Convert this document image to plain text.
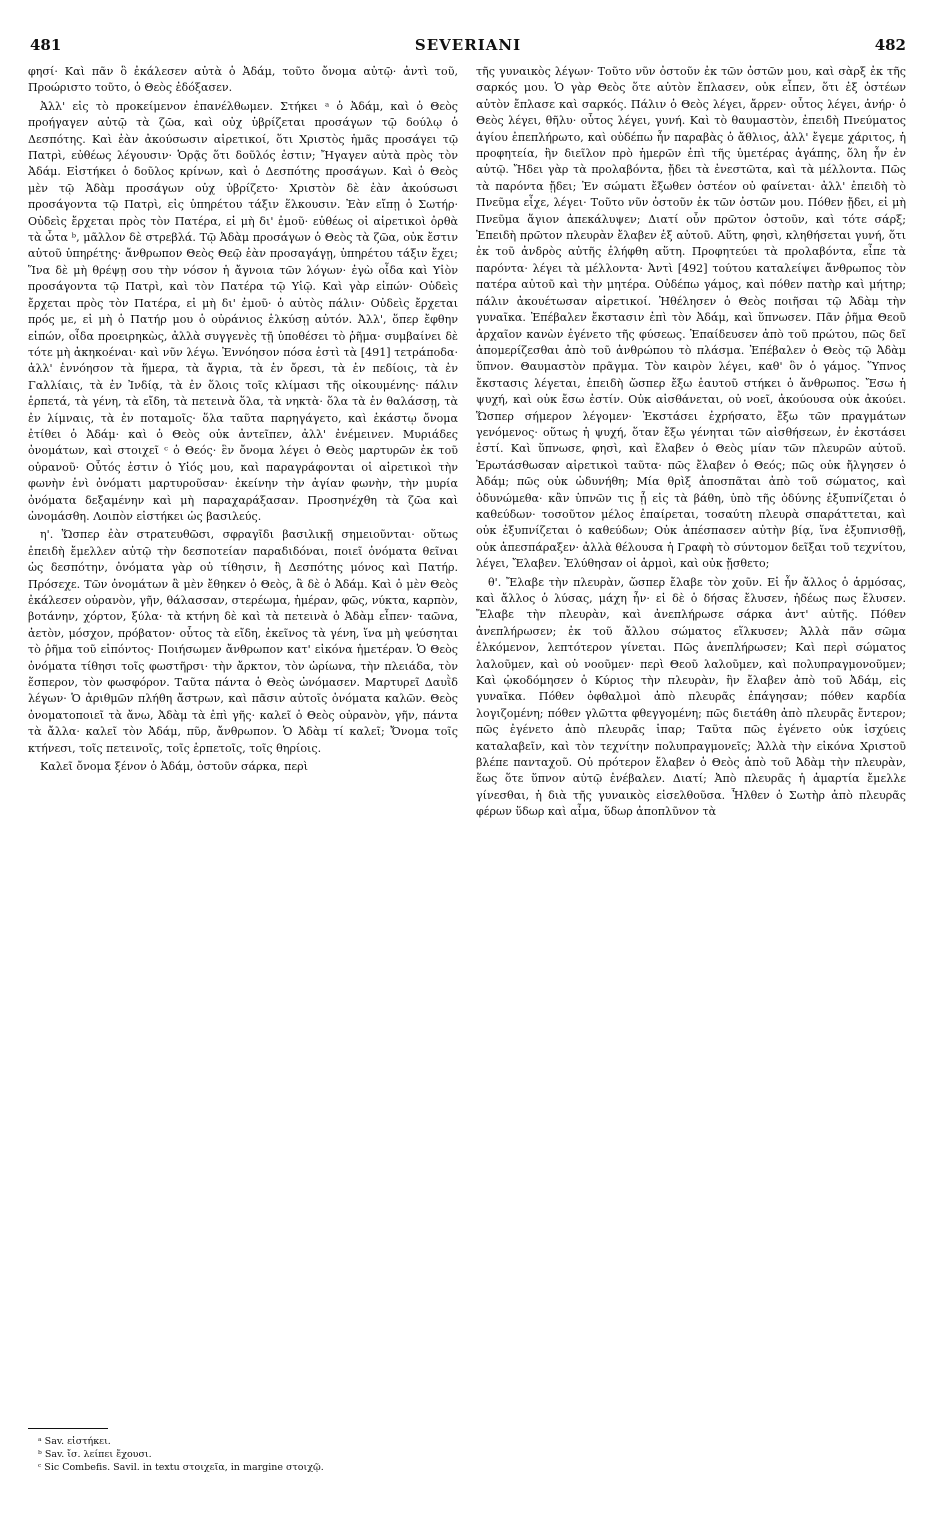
481	SEVERIANI	482

φησί· Καὶ πᾶν ὃ ἐκάλεσεν αὐτὰ ὁ Ἀδάμ, τοῦτο ὄνομα αὐτῷ· ἀντὶ τοῦ, Προώριστο τοῦτο, ὁ Θεὸς ἐδόξασεν.

Ἀλλ' εἰς τὸ προκείμενον ἐπανέλθωμεν. Στήκει ᵃ ὁ Ἀδάμ, καὶ ὁ Θεὸς προήγαγεν αὐτῷ τὰ ζῶα, καὶ οὐχ ὑβρίζεται προσάγων τῷ δούλῳ ὁ Δεσπότης. Καὶ ἐὰν ἀκούσωσιν αἱρετικοί, ὅτι Χριστὸς ἡμᾶς προσάγει τῷ Πατρὶ, εὐθέως λέγουσιν· Ὁρᾷς ὅτι δοῦλός ἐστιν; Ἤγαγεν αὐτὰ πρὸς τὸν Ἀδάμ. Εἰστήκει ὁ δοῦλος κρίνων, καὶ ὁ Δεσπότης προσάγων. Καὶ ὁ Θεὸς μὲν τῷ Ἀδὰμ προσάγων οὐχ ὑβρίζετο· Χριστὸν δὲ ἐὰν ἀκούσωσι προσάγοντα τῷ Πατρὶ, εἰς ὑπηρέτου τάξιν ἕλκουσιν. Ἐὰν εἴπῃ ὁ Σωτήρ· Οὐδεὶς ἔρχεται πρὸς τὸν Πατέρα, εἰ μὴ δι' ἐμοῦ· εὐθέως οἱ αἱρετικοὶ ὀρθὰ τὰ ὦτα ᵇ, μᾶλλον δὲ στρεβλά. Τῷ Ἀδὰμ προσάγων ὁ Θεὸς τὰ ζῶα, οὐκ ἔστιν αὐτοῦ ὑπηρέτης· ἄνθρωπον Θεὸς Θεῷ ἐὰν προσαγάγῃ, ὑπηρέτου τάξιν ἔχει; Ἵνα δὲ μὴ θρέψῃ σου τὴν νόσον ἡ ἄγνοια τῶν λόγων· ἐγὼ οἶδα καὶ Υἱὸν προσάγοντα τῷ Πατρὶ, καὶ τὸν Πατέρα τῷ Υἱῷ. Καὶ γὰρ εἰπών· Οὐδεὶς ἔρχεται πρὸς τὸν Πατέρα, εἰ μὴ δι' ἐμοῦ· ὁ αὐτὸς πάλιν· Οὐδεὶς ἔρχεται πρός με, εἰ μὴ ὁ Πατήρ μου ὁ οὐράνιος ἑλκύσῃ αὐτόν. Ἀλλ', ὅπερ ἔφθην εἰπών, οἶδα προειρηκὼς, ἀλλὰ συγγενὲς τῇ ὑποθέσει τὸ ῥῆμα· συμβαίνει δὲ τότε μὴ ἀκηκοέναι· καὶ νῦν λέγω. Ἐννόησον πόσα ἐστὶ τὰ [491] τετράποδα· ἀλλ' ἐννόησον τὰ ἥμερα, τὰ ἄγρια, τὰ ἐν ὄρεσι, τὰ ἐν πεδίοις, τὰ ἐν Γαλλίαις, τὰ ἐν Ἰνδίᾳ, τὰ ἐν ὅλοις τοῖς κλίμασι τῆς οἰκουμένης· πάλιν ἑρπετά, τὰ γένη, τὰ εἴδη, τὰ πετεινὰ ὅλα, τὰ νηκτὰ· ὅλα τὰ ἐν θαλάσσῃ, τὰ ἐν λίμναις, τὰ ἐν ποταμοῖς· ὅλα ταῦτα παρηγάγετο, καὶ ἑκάστῳ ὄνομα ἐτίθει ὁ Ἀδάμ· καὶ ὁ Θεὸς οὐκ ἀντεῖπεν, ἀλλ' ἐνέμεινεν. Μυριάδες ὀνομάτων, καὶ στοιχεῖ ᶜ ὁ Θεός· ἓν ὄνομα λέγει ὁ Θεὸς μαρτυρῶν ἐκ τοῦ οὐρανοῦ· Οὗτός ἐστιν ὁ Υἱός μου, καὶ παραγράφονται οἱ αἱρετικοὶ τὴν φωνὴν ἑνὶ ὀνόματι μαρτυροῦσαν· ἐκείνην τὴν ἁγίαν φωνὴν, τὴν μυρία ὀνόματα δεξαμένην καὶ μὴ παραχαράξασαν. Προσηνέχθη τὰ ζῶα καὶ ὠνομάσθη. Λοιπὸν εἰστήκει ὡς βασιλεύς.

η'. Ὥσπερ ἐὰν στρατευθῶσι, σφραγῖδι βασιλικῇ σημειοῦνται· οὕτως ἐπειδὴ ἔμελλεν αὐτῷ τὴν δεσποτείαν παραδιδόναι, ποιεῖ ὀνόματα θεῖναι ὡς δεσπότην, ὀνόματα γὰρ οὐ τίθησιν, ἢ Δεσπότης μόνος καὶ Πατήρ. Πρόσεχε. Τῶν ὀνομάτων ἃ μὲν ἔθηκεν ὁ Θεὸς, ἃ δὲ ὁ Ἀδάμ. Καὶ ὁ μὲν Θεὸς ἐκάλεσεν οὐρανὸν, γῆν, θάλασσαν, στερέωμα, ἡμέραν, φῶς, νύκτα, καρπὸν, βοτάνην, χόρτον, ξύλα· τὰ κτήνη δὲ καὶ τὰ πετεινὰ ὁ Ἀδὰμ εἶπεν· ταῶνα, ἀετὸν, μόσχον, πρόβατον· οὗτος τὰ εἴδη, ἐκεῖνος τὰ γένη, ἵνα μὴ ψεύσηται τὸ ῥῆμα τοῦ εἰπόντος· Ποιήσωμεν ἄνθρωπον κατ' εἰκόνα ἡμετέραν. Ὁ Θεὸς ὀνόματα τίθησι τοῖς φωστῆρσι· τὴν ἄρκτον, τὸν ὠρίωνα, τὴν πλειάδα, τὸν ἕσπερον, τὸν φωσφόρον. Ταῦτα πάντα ὁ Θεὸς ὠνόμασεν. Μαρτυρεῖ Δαυῒδ λέγων· Ὁ ἀριθμῶν πλήθη ἄστρων, καὶ πᾶσιν αὐτοῖς ὀνόματα καλῶν. Θεὸς ὀνοματοποιεῖ τὰ ἄνω, Ἀδὰμ τὰ ἐπὶ γῆς· καλεῖ ὁ Θεὸς οὐρανὸν, γῆν, πάντα τὰ ἄλλα· καλεῖ τὸν Ἀδάμ, πῦρ, ἄνθρωπον. Ὁ Ἀδὰμ τί καλεῖ; Ὄνομα τοῖς κτήνεσι, τοῖς πετεινοῖς, τοῖς ἑρπετοῖς, τοῖς θηρίοις.

Καλεῖ ὄνομα ξένον ὁ Ἀδάμ, ὀστοῦν σάρκα, περὶ

τῆς γυναικὸς λέγων· Τοῦτο νῦν ὀστοῦν ἐκ τῶν ὀστῶν μου, καὶ σὰρξ ἐκ τῆς σαρκός μου. Ὁ γὰρ Θεὸς ὅτε αὐτὸν ἔπλασεν, οὐκ εἶπεν, ὅτι ἐξ ὀστέων αὐτὸν ἔπλασε καὶ σαρκός. Πάλιν ὁ Θεὸς λέγει, ἄρρεν· οὗτος λέγει, ἀνήρ· ὁ Θεὸς λέγει, θῆλυ· οὗτος λέγει, γυνή. Καὶ τὸ θαυμαστὸν, ἐπειδὴ Πνεύματος ἁγίου ἐπεπλήρωτο, καὶ οὐδέπω ἦν παραβὰς ὁ ἄθλιος, ἀλλ' ἔγεμε χάριτος, ἡ προφητεία, ἣν διεῖλον πρὸ ἡμερῶν ἐπὶ τῆς ὑμετέρας ἀγάπης, ὅλη ἦν ἐν αὐτῷ. Ἤδει γὰρ τὰ προλαβόντα, ᾔδει τὰ ἐνεστῶτα, καὶ τὰ μέλλοντα. Πῶς τὰ παρόντα ᾔδει; Ἐν σώματι ἔξωθεν ὀστέον οὐ φαίνεται· ἀλλ' ἐπειδὴ τὸ Πνεῦμα εἶχε, λέγει· Τοῦτο νῦν ὀστοῦν ἐκ τῶν ὀστῶν μου. Πόθεν ᾔδει, εἰ μὴ Πνεῦμα ἅγιον ἀπεκάλυψεν; Διατί οὖν πρῶτον ὀστοῦν, καὶ τότε σάρξ; Ἐπειδὴ πρῶτον πλευρὰν ἔλαβεν ἐξ αὐτοῦ. Αὕτη, φησὶ, κληθήσεται γυνή, ὅτι ἐκ τοῦ ἀνδρὸς αὐτῆς ἐλήφθη αὕτη. Προφητεύει τὰ προλαβόντα, εἶπε τὰ παρόντα· λέγει τὰ μέλλοντα· Ἀντὶ [492] τούτου καταλείψει ἄνθρωπος τὸν πατέρα αὐτοῦ καὶ τὴν μητέρα. Οὐδέπω γάμος, καὶ πόθεν πατὴρ καὶ μήτηρ; πάλιν ἀκουέτωσαν αἱρετικοί. Ἠθέλησεν ὁ Θεὸς ποιῆσαι τῷ Ἀδὰμ τὴν γυναῖκα. Ἐπέβαλεν ἔκστασιν ἐπὶ τὸν Ἀδάμ, καὶ ὕπνωσεν. Πᾶν ῥῆμα Θεοῦ ἀρχαῖον κανὼν ἐγένετο τῆς φύσεως. Ἐπαίδευσεν ἀπὸ τοῦ πρώτου, πῶς δεῖ ἀπομερίζεσθαι ἀπὸ τοῦ ἀνθρώπου τὸ πλάσμα. Ἐπέβαλεν ὁ Θεὸς τῷ Ἀδὰμ ὕπνον. Θαυμαστὸν πρᾶγμα. Τὸν καιρὸν λέγει, καθ' ὃν ὁ γάμος. Ὕπνος ἔκστασις λέγεται, ἐπειδὴ ὥσπερ ἔξω ἑαυτοῦ στήκει ὁ ἄνθρωπος. Ἔσω ἡ ψυχή, καὶ οὐκ ἔσω ἐστίν. Οὐκ αἰσθάνεται, οὐ νοεῖ, ἀκούουσα οὐκ ἀκούει. Ὥσπερ σήμερον λέγομεν· Ἐκστάσει ἐχρήσατο, ἔξω τῶν πραγμάτων γενόμενος· οὕτως ἡ ψυχή, ὅταν ἔξω γένηται τῶν αἰσθήσεων, ἐν ἐκστάσει ἐστί. Καὶ ὕπνωσε, φησὶ, καὶ ἔλαβεν ὁ Θεὸς μίαν τῶν πλευρῶν αὐτοῦ. Ἐρωτάσθωσαν αἱρετικοὶ ταῦτα· πῶς ἔλαβεν ὁ Θεός; πῶς οὐκ ἤλγησεν ὁ Ἀδάμ; πῶς οὐκ ὠδυνήθη; Μία θρὶξ ἀποσπᾶται ἀπὸ τοῦ σώματος, καὶ ὀδυνώμεθα· κἂν ὑπνῶν τις ᾖ εἰς τὰ βάθη, ὑπὸ τῆς ὀδύνης ἐξυπνίζεται ὁ καθεύδων· τοσοῦτον μέλος ἐπαίρεται, τοσαύτη πλευρὰ σπαράττεται, καὶ οὐκ ἐξυπνίζεται ὁ καθεύδων; Οὐκ ἀπέσπασεν αὐτὴν βίᾳ, ἵνα ἐξυπνισθῇ, οὐκ ἀπεσπάραξεν· ἀλλὰ θέλουσα ἡ Γραφὴ τὸ σύντομον δεῖξαι τοῦ τεχνίτου, λέγει, Ἔλαβεν. Ἐλύθησαν οἱ ἁρμοὶ, καὶ οὐκ ᾔσθετο;

θ'. Ἔλαβε τὴν πλευρὰν, ὥσπερ ἔλαβε τὸν χοῦν. Εἰ ἦν ἄλλος ὁ ἁρμόσας, καὶ ἄλλος ὁ λύσας, μάχη ἦν· εἰ δὲ ὁ δήσας ἔλυσεν, ἠδέως πως ἔλυσεν. Ἔλαβε τὴν πλευρὰν, καὶ ἀνεπλήρωσε σάρκα ἀντ' αὐτῆς. Πόθεν ἀνεπλήρωσεν; ἐκ τοῦ ἄλλου σώματος εἵλκυσεν; Ἀλλὰ πᾶν σῶμα ἑλκόμενον, λεπτότερον γίνεται. Πῶς ἀνεπλήρωσεν; Καὶ περὶ σώματος λαλοῦμεν, καὶ οὐ νοοῦμεν· περὶ Θεοῦ λαλοῦμεν, καὶ πολυπραγμονοῦμεν; Καὶ ᾠκοδόμησεν ὁ Κύριος τὴν πλευρὰν, ἣν ἔλαβεν ἀπὸ τοῦ Ἀδάμ, εἰς γυναῖκα. Πόθεν ὀφθαλμοὶ ἀπὸ πλευρᾶς ἐπάγησαν; πόθεν καρδία λογιζομένη; πόθεν γλῶττα φθεγγομένη; πῶς διετάθη ἀπὸ πλευρᾶς ἔντερον; πῶς ἐγένετο ἀπὸ πλευρᾶς ἱπαρ; Ταῦτα πῶς ἐγένετο οὐκ ἰσχύεις καταλαβεῖν, καὶ τὸν τεχνίτην πολυπραγμονεῖς; Ἀλλὰ τὴν εἰκόνα Χριστοῦ βλέπε πανταχοῦ. Οὐ πρότερον ἔλαβεν ὁ Θεὸς ἀπὸ τοῦ Ἀδὰμ τὴν πλευρὰν, ἕως ὅτε ὕπνον αὐτῷ ἐνέβαλεν. Διατί; Ἀπὸ πλευρᾶς ἡ ἁμαρτία ἔμελλε γίνεσθαι, ἡ διὰ τῆς γυναικὸς εἰσελθοῦσα. Ἦλθεν ὁ Σωτὴρ ἀπὸ πλευρᾶς φέρων ὕδωρ καὶ αἷμα, ὕδωρ ἀποπλῦνον τὰ

ᵃ Sav. εἰστήκει.
ᵇ Sav. ἴσ. λείπει ἔχουσι.
ᶜ Sic Combefis. Savil. in textu στοιχεῖα, in margine στοιχῷ.
